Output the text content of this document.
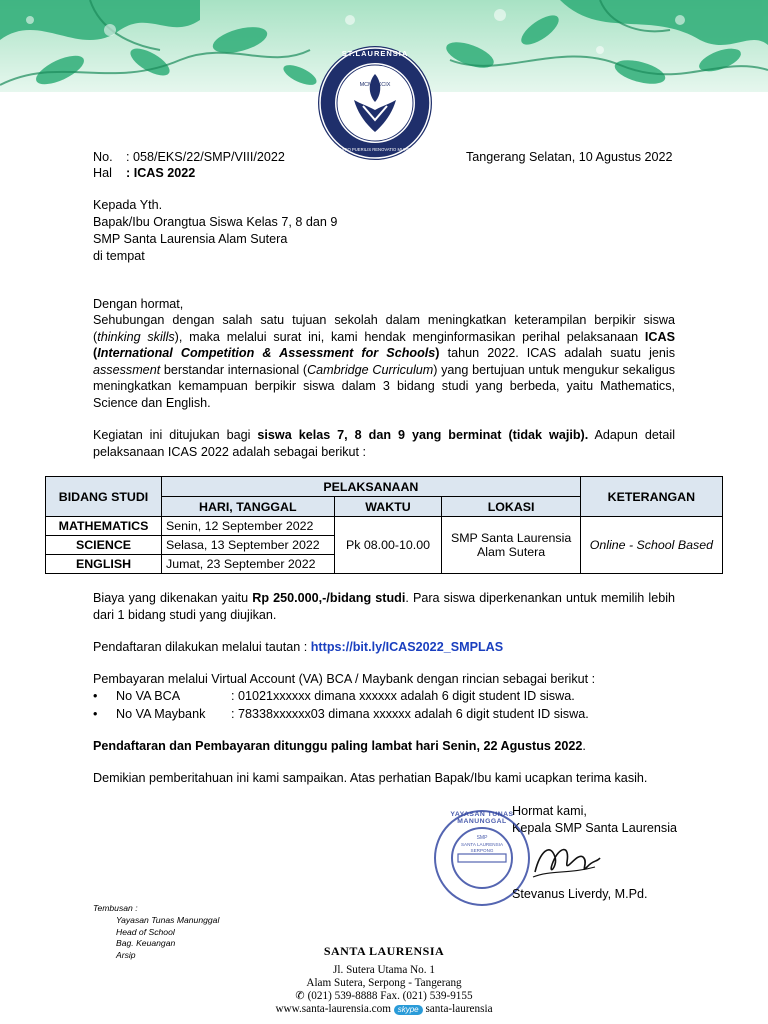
ST.LAURENSIA
MCM · XCIX
EDUCATIO PUERILIS RENOVATIO MUNDI EST
No. : 058/EKS/22/SMP/VIII/2022	Tangerang Selatan, 10 Agustus 2022
Hal : ICAS 2022
Kepada Yth.
Bapak/Ibu Orangtua Siswa Kelas 7, 8 dan 9
SMP Santa Laurensia Alam Sutera
di tempat
Dengan hormat,
Sehubungan dengan salah satu tujuan sekolah dalam meningkatkan keterampilan berpikir siswa (thinking skills), maka melalui surat ini, kami hendak menginformasikan perihal pelaksanaan ICAS (International Competition & Assessment for Schools) tahun 2022. ICAS adalah suatu jenis assessment berstandar internasional (Cambridge Curriculum) yang bertujuan untuk mengukur sekaligus meningkatkan kemampuan berpikir siswa dalam 3 bidang studi yang berbeda, yaitu Mathematics, Science dan English.
Kegiatan ini ditujukan bagi siswa kelas 7, 8 dan 9 yang berminat (tidak wajib). Adapun detail pelaksanaan ICAS 2022 adalah sebagai berikut :
BIDANG STUDI	PELAKSANAAN			KETERANGAN
	HARI, TANGGAL	WAKTU	LOKASI	
MATHEMATICS	Senin, 12 September 2022	Pk 08.00-10.00	SMP Santa Laurensia
Alam Sutera	Online - School Based
SCIENCE	Selasa, 13 September 2022			
ENGLISH	Jumat, 23 September 2022			
Biaya yang dikenakan yaitu Rp 250.000,-/bidang studi. Para siswa diperkenankan untuk memilih lebih dari 1 bidang studi yang diujikan.
Pendaftaran dilakukan melalui tautan : https://bit.ly/ICAS2022_SMPLAS
Pembayaran melalui Virtual Account (VA) BCA / Maybank dengan rincian sebagai berikut :
• No VA BCA	: 01021xxxxxx dimana xxxxxx adalah 6 digit student ID siswa.
• No VA Maybank : 78338xxxxxx03 dimana xxxxxx adalah 6 digit student ID siswa.
Pendaftaran dan Pembayaran ditunggu paling lambat hari Senin, 22 Agustus 2022.
Demikian pemberitahuan ini kami sampaikan. Atas perhatian Bapak/Ibu kami ucapkan terima kasih.
Hormat kami,
Kepala SMP Santa Laurensia
YAYASAN TUNAS MANUNGGAL
SMP
SANTA LAURENSIA
SERPONG
Stevanus Liverdy, M.Pd.
Tembusan :
Yayasan Tunas Manunggal
Head of School
Bag. Keuangan
Arsip	SANTA LAURENSIA
Jl. Sutera Utama No. 1
Alam Sutera, Serpong - Tangerang
✆ (021) 539-8888 Fax. (021) 539-9155
www.santa-laurensia.com skype santa-laurensia
